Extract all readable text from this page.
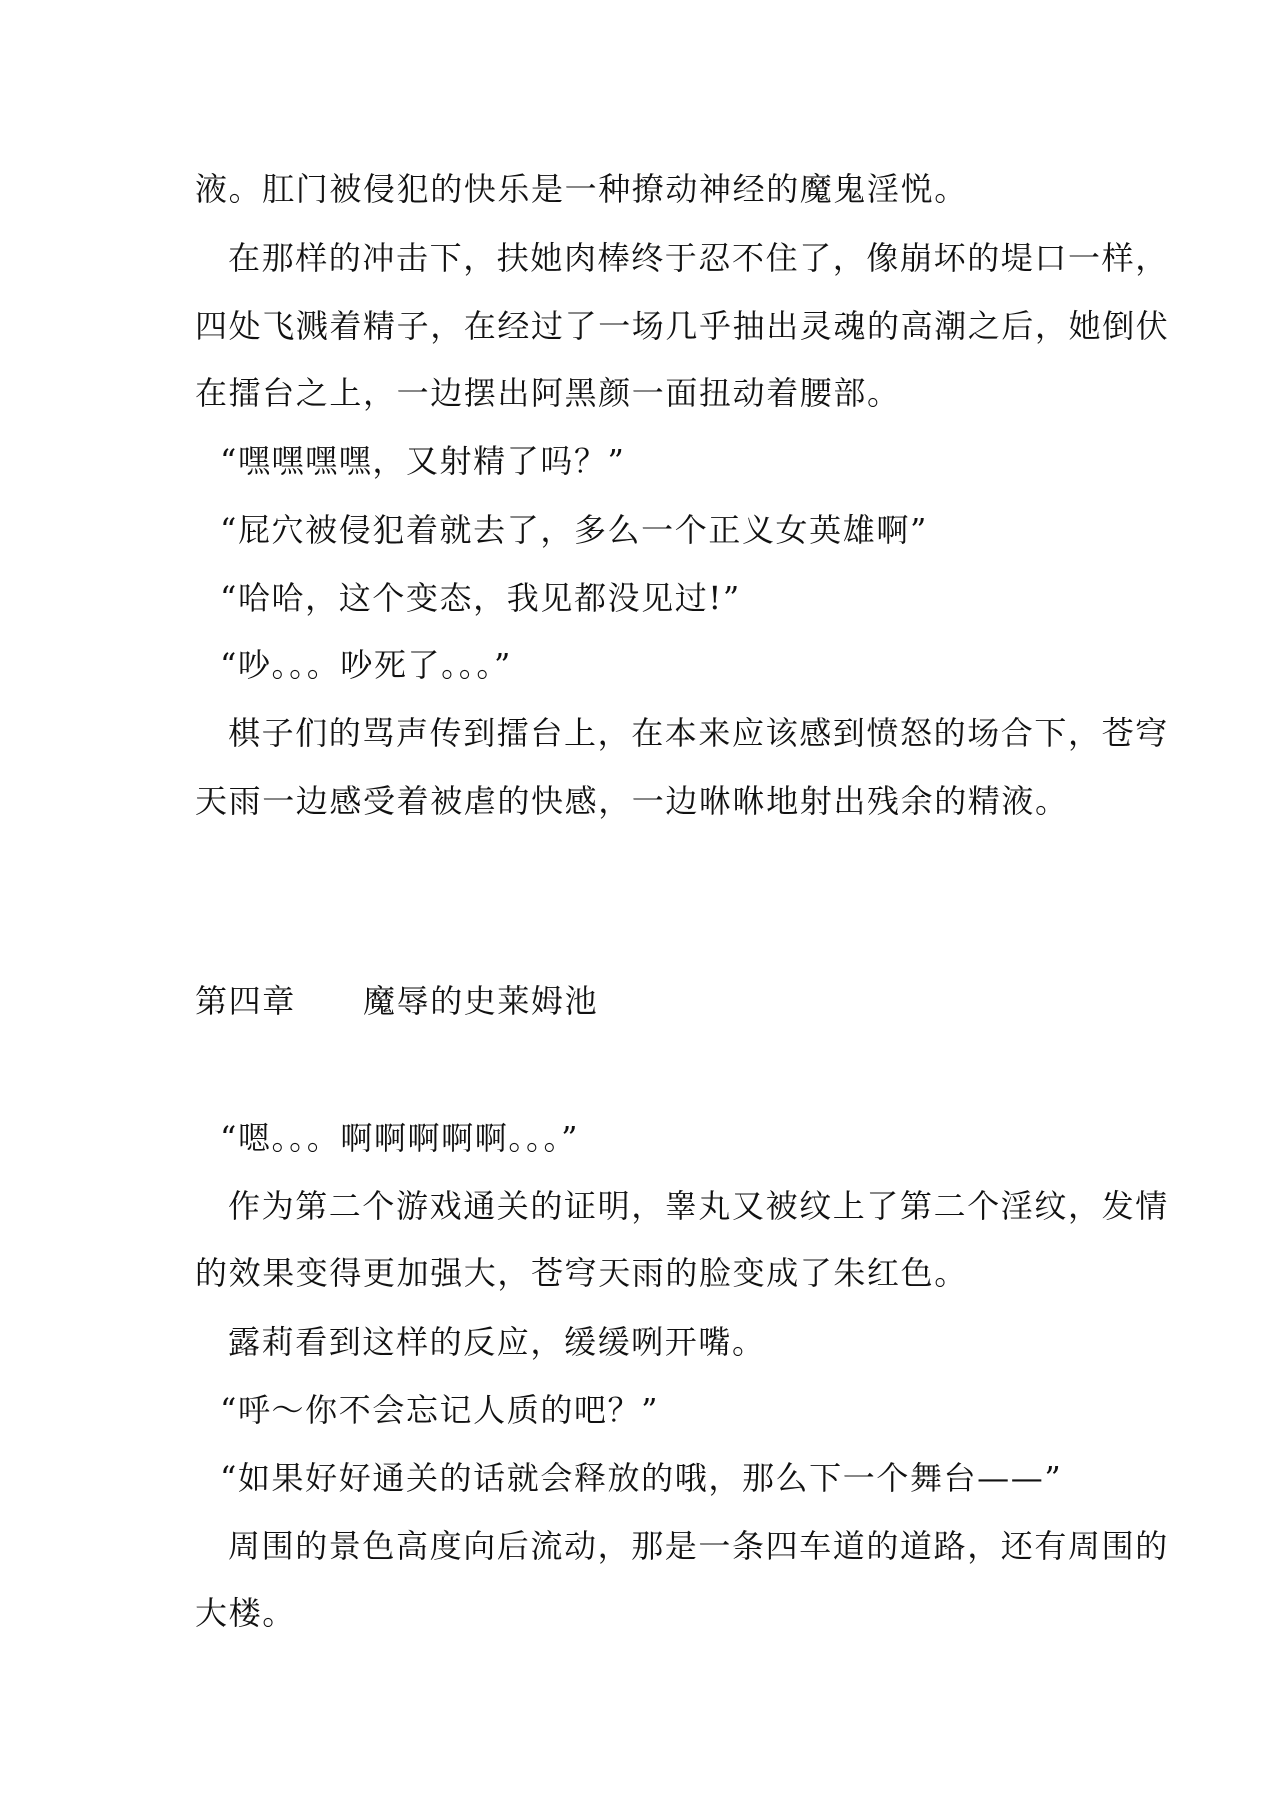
液。肛门被侵犯的快乐是一种撩动神经的魔鬼淫悦。
在那样的冲击下，扶她肉棒终于忍不住了，像崩坏的堤口一样，
四处飞溅着精子，在经过了一场几乎抽出灵魂的高潮之后，她倒伏
在擂台之上，一边摆出阿黑颜一面扭动着腰部。
“嘿嘿嘿嘿，又射精了吗？”
“屁穴被侵犯着就去了，多么一个正义女英雄啊”
“哈哈，这个变态，我见都没见过!”
“吵。。。吵死了。。。”
棋子们的骂声传到擂台上，在本来应该感到愤怒的场合下，苍穹
天雨一边感受着被虐的快感，一边咻咻地射出残余的精液。
第四章　　魔辱的史莱姆池
“嗯。。。啊啊啊啊啊。。。”
作为第二个游戏通关的证明，睾丸又被纹上了第二个淫纹，发情
的效果变得更加强大，苍穹天雨的脸变成了朱红色。
露莉看到这样的反应，缓缓咧开嘴。
“呼～你不会忘记人质的吧？”
“如果好好通关的话就会释放的哦，那么下一个舞台——”
周围的景色高度向后流动，那是一条四车道的道路，还有周围的
大楼。
